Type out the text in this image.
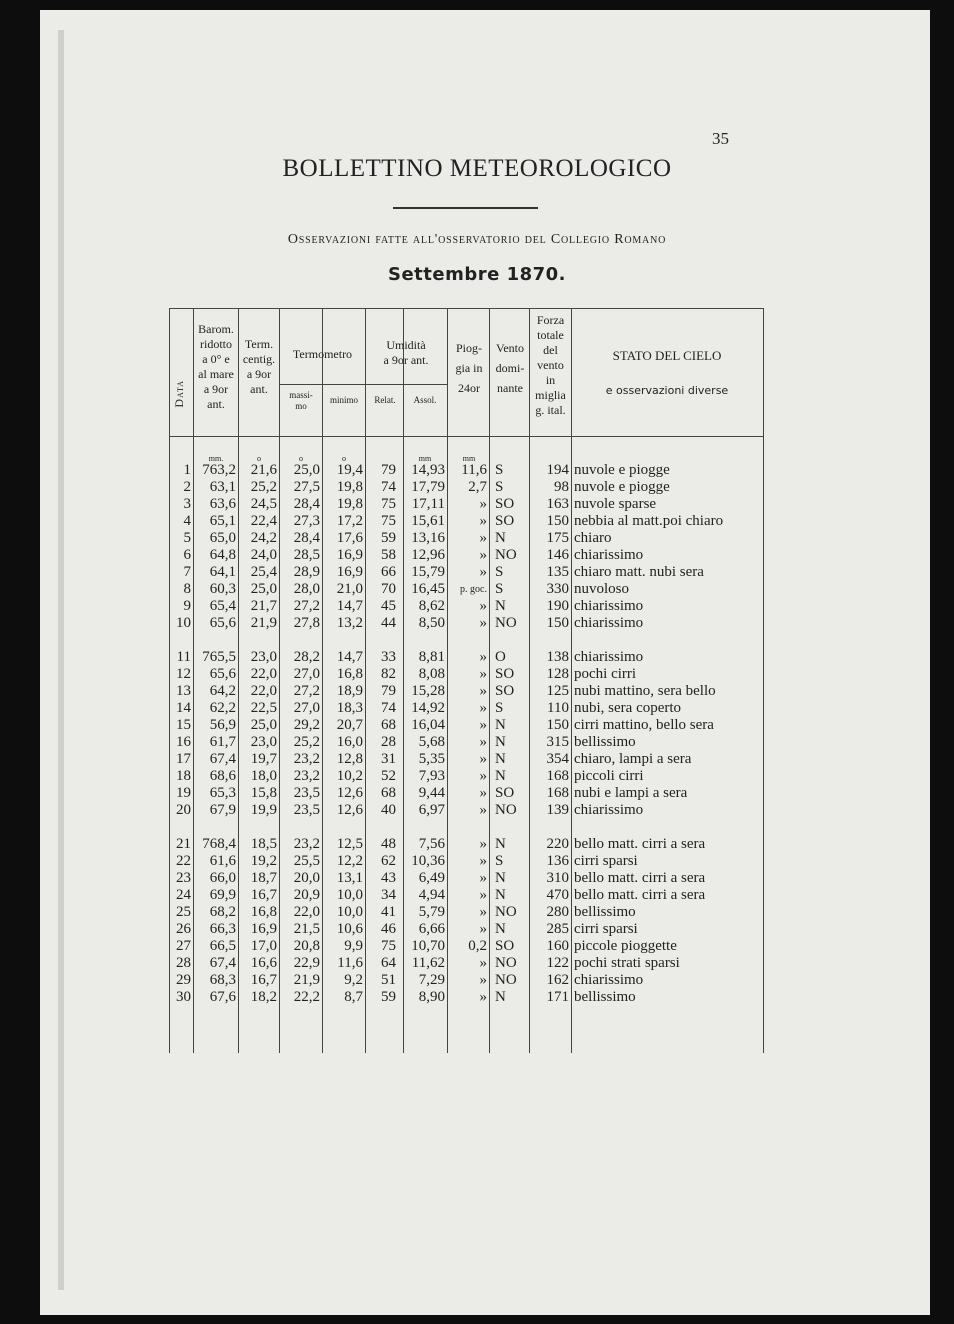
35
BOLLETTINO METEOROLOGICO
Osservazioni fatte all'osservatorio del Collegio Romano
Settembre 1870.
Data
Barom.
ridotto
a 0° e
al mare
a 9or
ant.
Term.
centig.
a 9or
ant.
Termometro
massi-
mo
minimo
Umidità
a 9or ant.
Relat.	Assol.
Piog-
gia in
24or
Vento
domi-
nante
Forza
totale
del
vento
in
miglia
g. ital.
STATO DEL CIELO
e osservazioni diverse
mm.	o	o	o	mm	mm
1 763,2 21,6	25,0	19,4	79	14,93	11,6 S	194 nuvole e piogge
2	63,1 25,2	27,5	19,8	74	17,79	2,7 S	98 nuvole e piogge
3	63,6 24,5	28,4	19,8	75	17,11	» SO	163 nuvole sparse
4	65,1 22,4	27,3	17,2	75	15,61	» SO	150 nebbia al matt.poi chiaro
5	65,0 24,2	28,4	17,6	59	13,16	» N	175 chiaro
6	64,8 24,0	28,5	16,9	58	12,96	» NO	146 chiarissimo
7	64,1 25,4	28,9	16,9	66	15,79	» S	135 chiaro matt. nubi sera
8	60,3 25,0	28,0	21,0	70	16,45	p. goc. S	330 nuvoloso
9	65,4 21,7	27,2	14,7	45	8,62	» N	190 chiarissimo
10	65,6 21,9	27,8	13,2	44	8,50	» NO	150 chiarissimo
11 765,5 23,0	28,2	14,7	33	8,81	» O	138 chiarissimo
12	65,6 22,0	27,0	16,8	82	8,08	» SO	128 pochi cirri
13	64,2 22,0	27,2	18,9	79	15,28	» SO	125 nubi mattino, sera bello
14	62,2 22,5	27,0	18,3	74	14,92	» S	110 nubi, sera coperto
15	56,9 25,0	29,2	20,7	68	16,04	» N	150 cirri mattino, bello sera
16	61,7 23,0	25,2	16,0	28	5,68	» N	315 bellissimo
17	67,4 19,7	23,2	12,8	31	5,35	» N	354 chiaro, lampi a sera
18	68,6 18,0	23,2	10,2	52	7,93	» N	168 piccoli cirri
19	65,3 15,8	23,5	12,6	68	9,44	» SO	168 nubi e lampi a sera
20	67,9 19,9	23,5	12,6	40	6,97	» NO	139 chiarissimo
21 768,4 18,5	23,2	12,5	48	7,56	» N	220 bello matt. cirri a sera
22	61,6 19,2	25,5	12,2	62	10,36	» S	136 cirri sparsi
23	66,0 18,7	20,0	13,1	43	6,49	» N	310 bello matt. cirri a sera
24	69,9 16,7	20,9	10,0	34	4,94	» N	470 bello matt. cirri a sera
25	68,2 16,8	22,0	10,0	41	5,79	» NO	280 bellissimo
26	66,3 16,9	21,5	10,6	46	6,66	» N	285 cirri sparsi
27	66,5 17,0	20,8	9,9	75	10,70	0,2 SO	160 piccole pioggette
28	67,4 16,6	22,9	11,6	64	11,62	» NO	122 pochi strati sparsi
29	68,3 16,7	21,9	9,2	51	7,29	» NO	162 chiarissimo
30	67,6 18,2	22,2	8,7	59	8,90	» N	171 bellissimo
